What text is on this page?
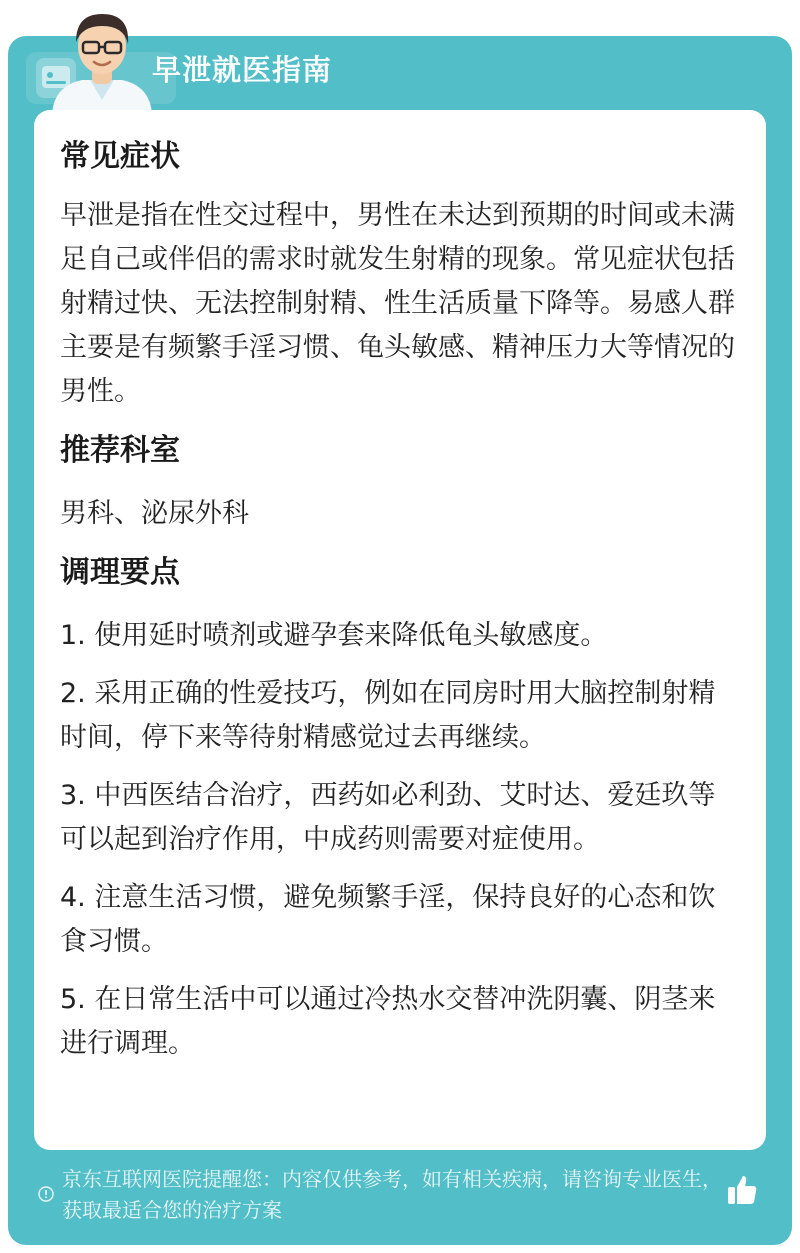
早泄就医指南
常见症状

早泄是指在性交过程中，男性在未达到预期的时间或未满足自己或伴侣的需求时就发生射精的现象。常见症状包括射精过快、无法控制射精、性生活质量下降等。易感人群主要是有频繁手淫习惯、龟头敏感、精神压力大等情况的男性。

推荐科室

男科、泌尿外科

调理要点

1. 使用延时喷剂或避孕套来降低龟头敏感度。

2. 采用正确的性爱技巧，例如在同房时用大脑控制射精时间，停下来等待射精感觉过去再继续。

3. 中西医结合治疗，西药如必利劲、艾时达、爱廷玖等可以起到治疗作用，中成药则需要对症使用。

4. 注意生活习惯，避免频繁手淫，保持良好的心态和饮食习惯。

5. 在日常生活中可以通过冷热水交替冲洗阴囊、阴茎来进行调理。

京东互联网医院提醒您：内容仅供参考，如有相关疾病，请咨询专业医生，获取最适合您的治疗方案
